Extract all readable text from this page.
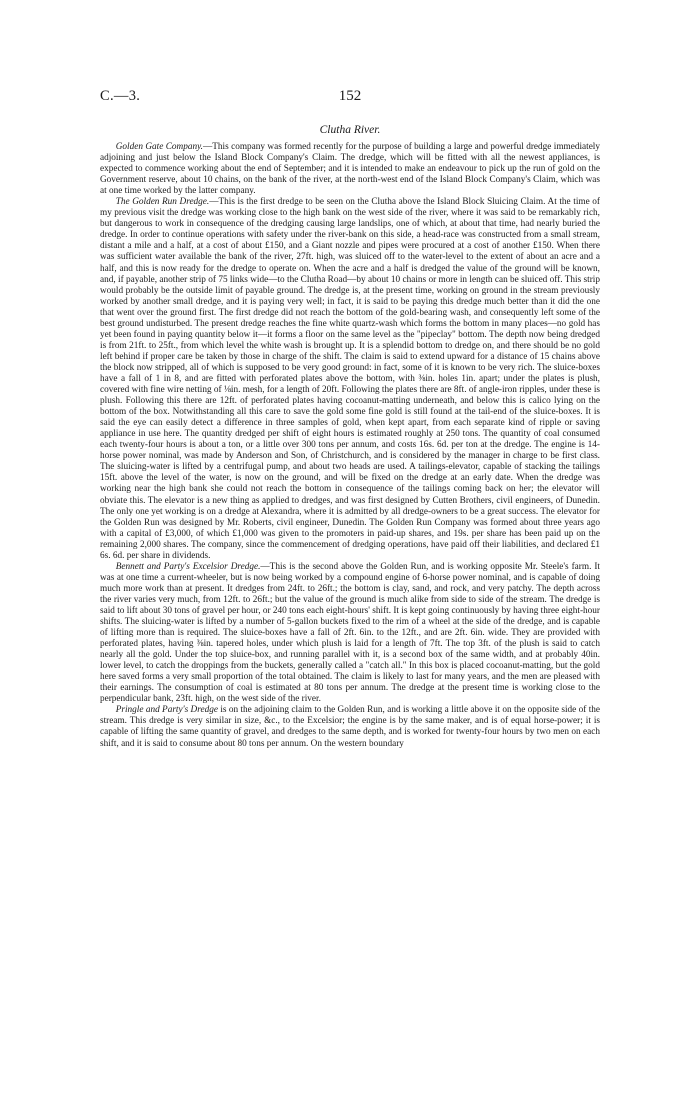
C.—3.	152
Clutha River.

Golden Gate Company.—This company was formed recently for the purpose of building a large and powerful dredge immediately adjoining and just below the Island Block Company's Claim. The dredge, which will be fitted with all the newest appliances, is expected to commence working about the end of September; and it is intended to make an endeavour to pick up the run of gold on the Government reserve, about 10 chains, on the bank of the river, at the north-west end of the Island Block Company's Claim, which was at one time worked by the latter company.

The Golden Run Dredge.—This is the first dredge to be seen on the Clutha above the Island Block Sluicing Claim. At the time of my previous visit the dredge was working close to the high bank on the west side of the river, where it was said to be remarkably rich, but dangerous to work in consequence of the dredging causing large landslips, one of which, at about that time, had nearly buried the dredge. In order to continue operations with safety under the river-bank on this side, a head-race was constructed from a small stream, distant a mile and a half, at a cost of about £150, and a Giant nozzle and pipes were procured at a cost of another £150. When there was sufficient water available the bank of the river, 27ft. high, was sluiced off to the water-level to the extent of about an acre and a half, and this is now ready for the dredge to operate on. When the acre and a half is dredged the value of the ground will be known, and, if payable, another strip of 75 links wide—to the Clutha Road—by about 10 chains or more in length can be sluiced off. This strip would probably be the outside limit of payable ground. The dredge is, at the present time, working on ground in the stream previously worked by another small dredge, and it is paying very well; in fact, it is said to be paying this dredge much better than it did the one that went over the ground first. The first dredge did not reach the bottom of the gold-bearing wash, and consequently left some of the best ground undisturbed. The present dredge reaches the fine white quartz-wash which forms the bottom in many places—no gold has yet been found in paying quantity below it—it forms a floor on the same level as the "pipeclay" bottom. The depth now being dredged is from 21ft. to 25ft., from which level the white wash is brought up. It is a splendid bottom to dredge on, and there should be no gold left behind if proper care be taken by those in charge of the shift. The claim is said to extend upward for a distance of 15 chains above the block now stripped, all of which is supposed to be very good ground: in fact, some of it is known to be very rich. The sluice-boxes have a fall of 1 in 8, and are fitted with perforated plates above the bottom, with ⅜in. holes 1in. apart; under the plates is plush, covered with fine wire netting of ⅛in. mesh, for a length of 20ft. Following the plates there are 8ft. of angle-iron ripples, under these is plush. Following this there are 12ft. of perforated plates having cocoanut-matting underneath, and below this is calico lying on the bottom of the box. Notwithstanding all this care to save the gold some fine gold is still found at the tail-end of the sluice-boxes. It is said the eye can easily detect a difference in three samples of gold, when kept apart, from each separate kind of ripple or saving appliance in use here. The quantity dredged per shift of eight hours is estimated roughly at 250 tons. The quantity of coal consumed each twenty-four hours is about a ton, or a little over 300 tons per annum, and costs 16s. 6d. per ton at the dredge. The engine is 14-horse power nominal, was made by Anderson and Son, of Christchurch, and is considered by the manager in charge to be first class. The sluicing-water is lifted by a centrifugal pump, and about two heads are used. A tailings-elevator, capable of stacking the tailings 15ft. above the level of the water, is now on the ground, and will be fixed on the dredge at an early date. When the dredge was working near the high bank she could not reach the bottom in consequence of the tailings coming back on her; the elevator will obviate this. The elevator is a new thing as applied to dredges, and was first designed by Cutten Brothers, civil engineers, of Dunedin. The only one yet working is on a dredge at Alexandra, where it is admitted by all dredge-owners to be a great success. The elevator for the Golden Run was designed by Mr. Roberts, civil engineer, Dunedin. The Golden Run Company was formed about three years ago with a capital of £3,000, of which £1,000 was given to the promoters in paid-up shares, and 19s. per share has been paid up on the remaining 2,000 shares. The company, since the commencement of dredging operations, have paid off their liabilities, and declared £1 6s. 6d. per share in dividends.

Bennett and Party's Excelsior Dredge.—This is the second above the Golden Run, and is working opposite Mr. Steele's farm. It was at one time a current-wheeler, but is now being worked by a compound engine of 6-horse power nominal, and is capable of doing much more work than at present. It dredges from 24ft. to 26ft.; the bottom is clay, sand, and rock, and very patchy. The depth across the river varies very much, from 12ft. to 26ft.; but the value of the ground is much alike from side to side of the stream. The dredge is said to lift about 30 tons of gravel per hour, or 240 tons each eight-hours' shift. It is kept going continuously by having three eight-hour shifts. The sluicing-water is lifted by a number of 5-gallon buckets fixed to the rim of a wheel at the side of the dredge, and is capable of lifting more than is required. The sluice-boxes have a fall of 2ft. 6in. to the 12ft., and are 2ft. 6in. wide. They are provided with perforated plates, having ⅜in. tapered holes, under which plush is laid for a length of 7ft. The top 3ft. of the plush is said to catch nearly all the gold. Under the top sluice-box, and running parallel with it, is a second box of the same width, and at probably 40in. lower level, to catch the droppings from the buckets, generally called a "catch all." In this box is placed cocoanut-matting, but the gold here saved forms a very small proportion of the total obtained. The claim is likely to last for many years, and the men are pleased with their earnings. The consumption of coal is estimated at 80 tons per annum. The dredge at the present time is working close to the perpendicular bank, 23ft. high, on the west side of the river.

Pringle and Party's Dredge is on the adjoining claim to the Golden Run, and is working a little above it on the opposite side of the stream. This dredge is very similar in size, &c., to the Excelsior; the engine is by the same maker, and is of equal horse-power; it is capable of lifting the same quantity of gravel, and dredges to the same depth, and is worked for twenty-four hours by two men on each shift, and it is said to consume about 80 tons per annum. On the western boundary
